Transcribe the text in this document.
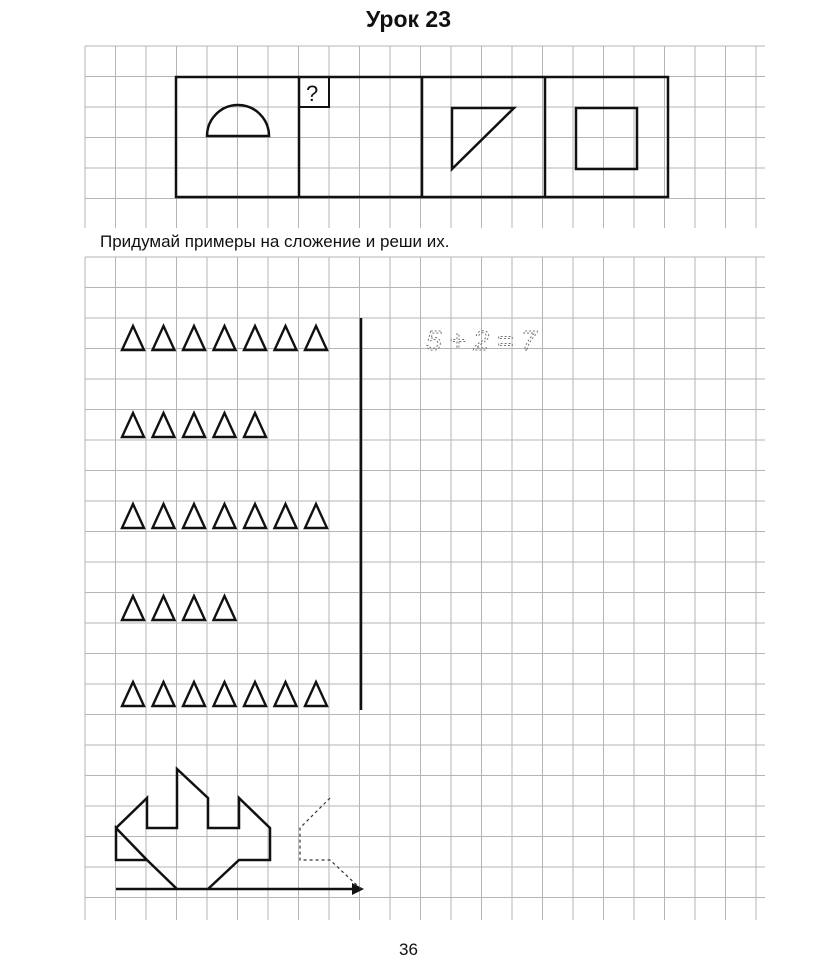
Урок 23
Придумай примеры на сложение и реши их.
36
?
5 + 2 = 7
